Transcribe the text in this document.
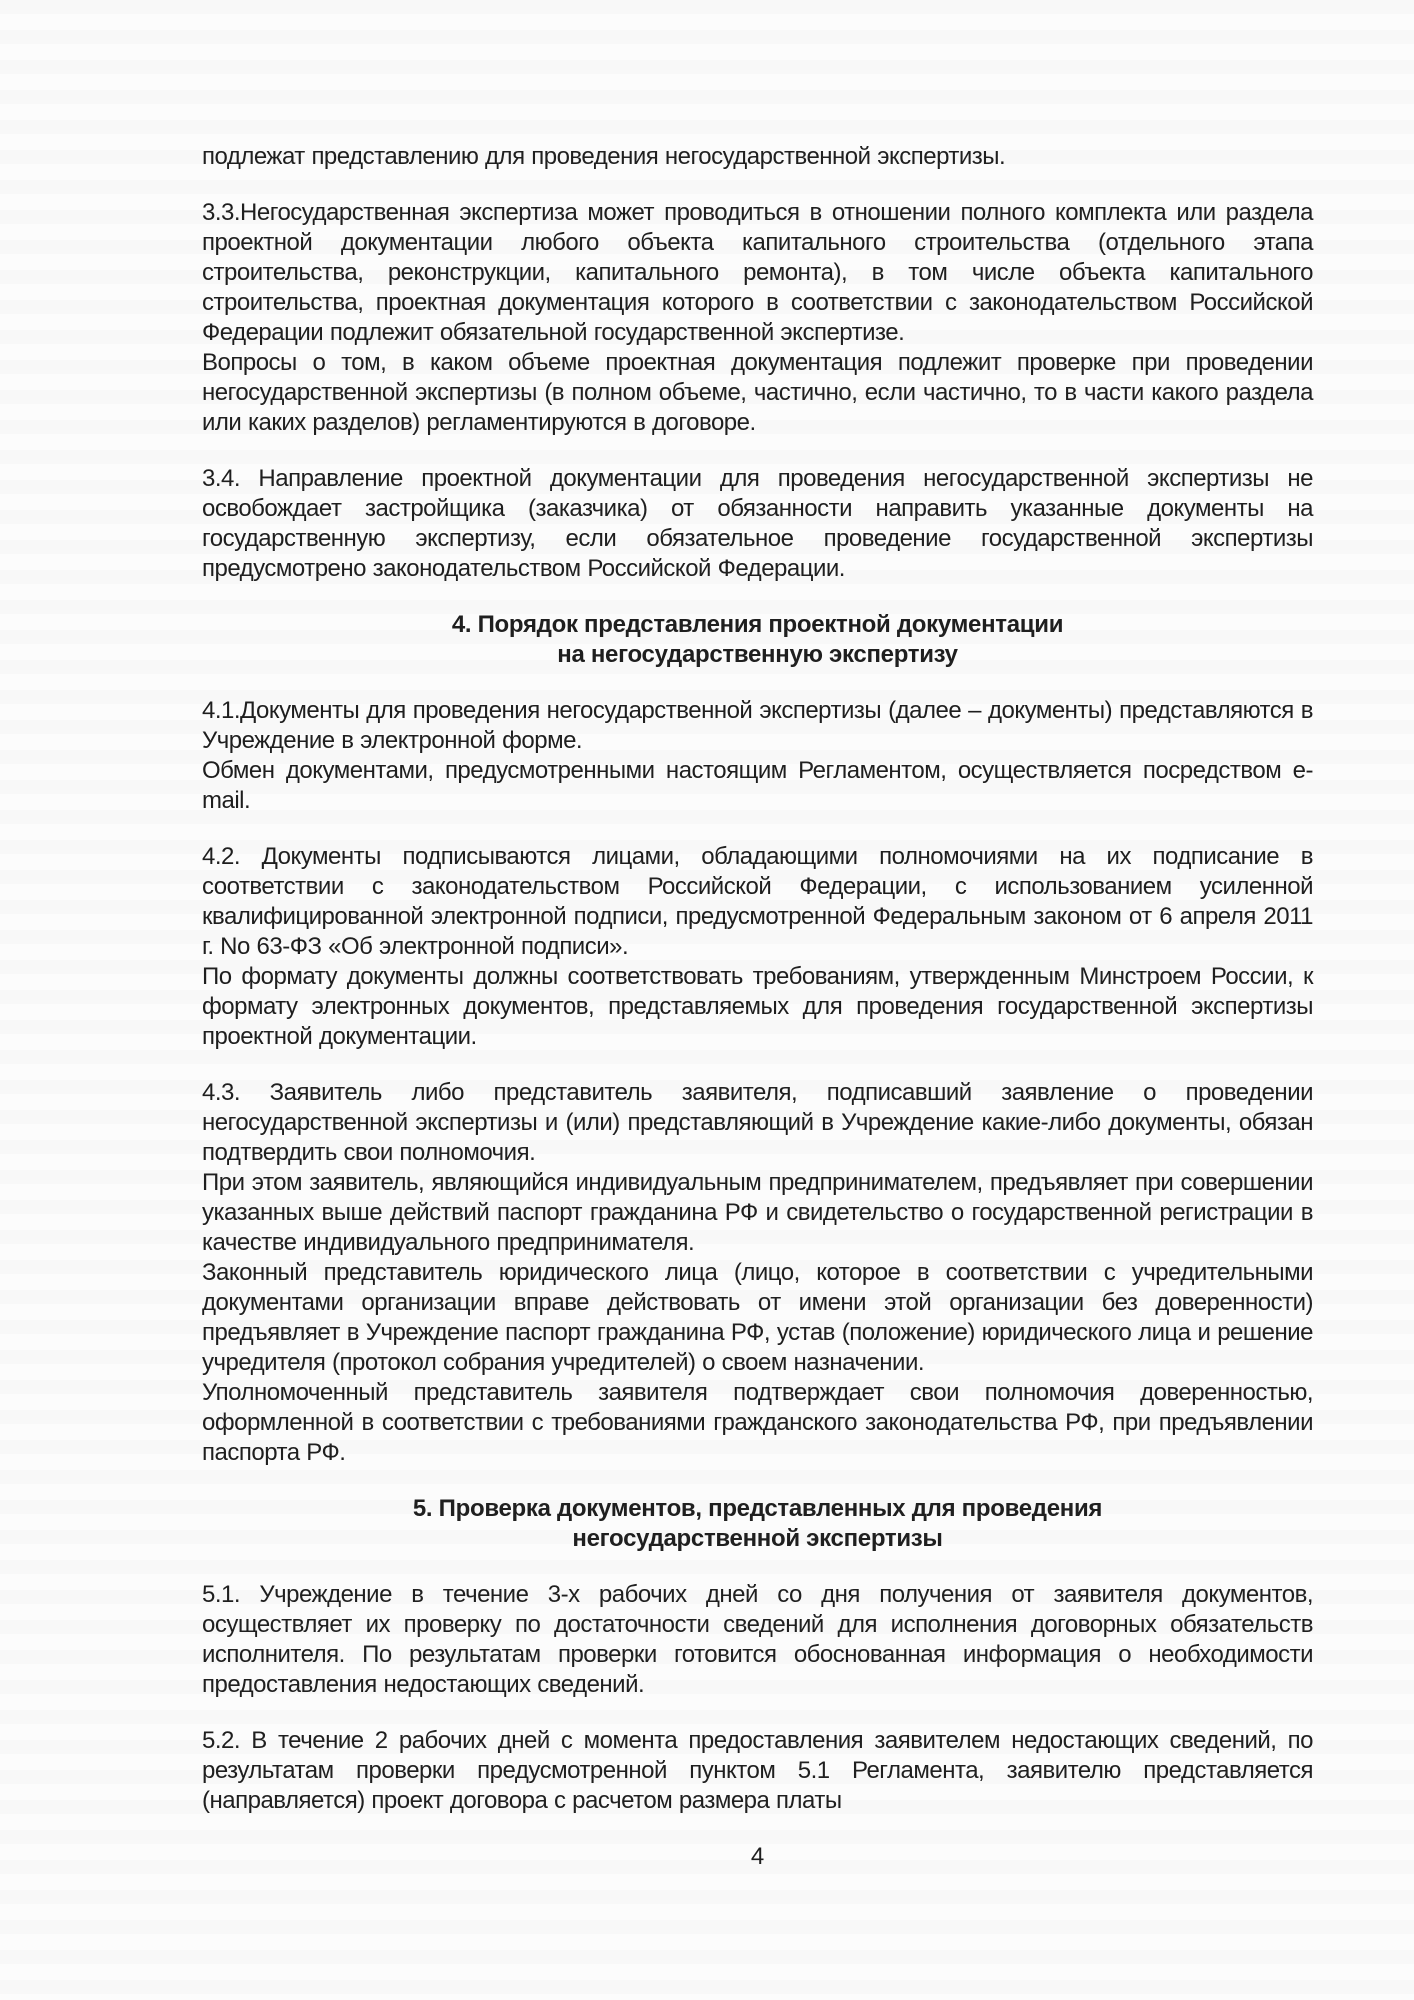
подлежат представлению для проведения негосударственной экспертизы.

3.3.Негосударственная экспертиза может проводиться в отношении полного комплекта или раздела проектной документации любого объекта капитального строительства (отдельного этапа строительства, реконструкции, капитального ремонта), в том числе объекта капитального строительства, проектная документация которого в соответствии с законодательством Российской Федерации подлежит обязательной государственной экспертизе.

Вопросы о том, в каком объеме проектная документация подлежит проверке при проведении негосударственной экспертизы (в полном объеме, частично, если частично, то в части какого раздела или каких разделов) регламентируются в договоре.

3.4. Направление проектной документации для проведения негосударственной экспертизы не освобождает застройщика (заказчика) от обязанности направить указанные документы на государственную экспертизу, если обязательное проведение государственной экспертизы предусмотрено законодательством Российской Федерации.

4. Порядок представления проектной документации
на негосударственную экспертизу

4.1.Документы для проведения негосударственной экспертизы (далее – документы) представляются в Учреждение в электронной форме.

Обмен документами, предусмотренными настоящим Регламентом, осуществляется посредством e-mail.

4.2. Документы подписываются лицами, обладающими полномочиями на их подписание в соответствии с законодательством Российской Федерации, с использованием усиленной квалифицированной электронной подписи, предусмотренной Федеральным законом от 6 апреля 2011 г. No 63-ФЗ «Об электронной подписи».

По формату документы должны соответствовать требованиям, утвержденным Минстроем России, к формату электронных документов, представляемых для проведения государственной экспертизы проектной документации.

4.3. Заявитель либо представитель заявителя, подписавший заявление о проведении негосударственной экспертизы и (или) представляющий в Учреждение какие-либо документы, обязан подтвердить свои полномочия.

При этом заявитель, являющийся индивидуальным предпринимателем, предъявляет при совершении указанных выше действий паспорт гражданина РФ и свидетельство о государственной регистрации в качестве индивидуального предпринимателя.

Законный представитель юридического лица (лицо, которое в соответствии с учредительными документами организации вправе действовать от имени этой организации без доверенности) предъявляет в Учреждение паспорт гражданина РФ, устав (положение) юридического лица и решение учредителя (протокол собрания учредителей) о своем назначении.

Уполномоченный представитель заявителя подтверждает свои полномочия доверенностью, оформленной в соответствии с требованиями гражданского законодательства РФ, при предъявлении паспорта РФ.

5. Проверка документов, представленных для проведения
негосударственной экспертизы

5.1. Учреждение в течение 3-х рабочих дней со дня получения от заявителя документов, осуществляет их проверку по достаточности сведений для исполнения договорных обязательств исполнителя. По результатам проверки готовится обоснованная информация о необходимости предоставления недостающих сведений.

5.2. В течение 2 рабочих дней с момента предоставления заявителем недостающих сведений, по результатам проверки предусмотренной пунктом 5.1 Регламента, заявителю представляется (направляется) проект договора с расчетом размера платы

4
